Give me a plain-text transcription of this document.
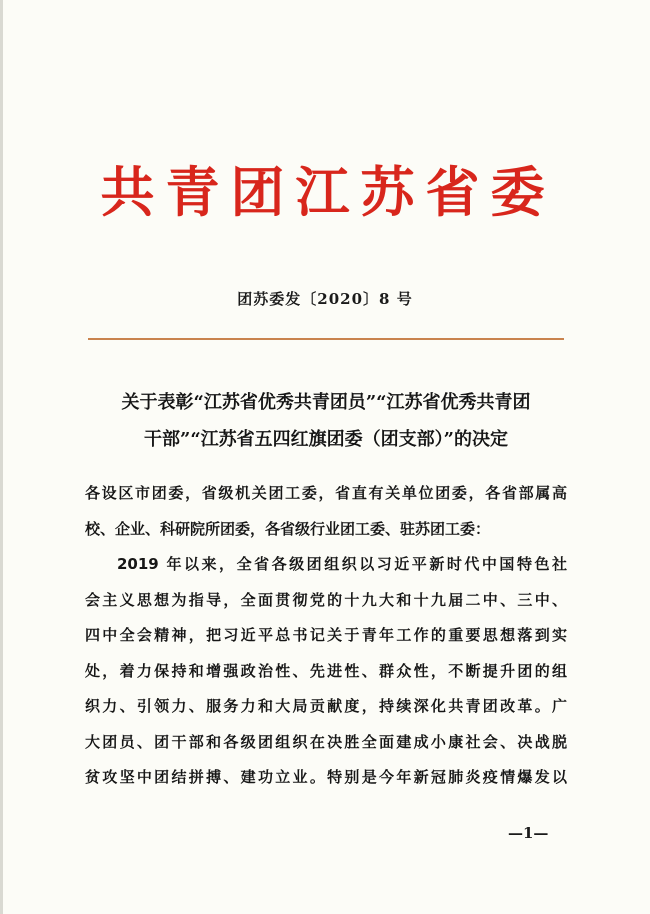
共青团江苏省委
团苏委发〔2020〕8 号
关于表彰“江苏省优秀共青团员”“江苏省优秀共青团
干部”“江苏省五四红旗团委（团支部）”的决定
各设区市团委，省级机关团工委，省直有关单位团委，各省部属高
校、企业、科研院所团委，各省级行业团工委、驻苏团工委：
2019 年以来，全省各级团组织以习近平新时代中国特色社
会主义思想为指导，全面贯彻党的十九大和十九届二中、三中、
四中全会精神，把习近平总书记关于青年工作的重要思想落到实
处，着力保持和增强政治性、先进性、群众性，不断提升团的组
织力、引领力、服务力和大局贡献度，持续深化共青团改革。广
大团员、团干部和各级团组织在决胜全面建成小康社会、决战脱
贫攻坚中团结拼搏、建功立业。特别是今年新冠肺炎疫情爆发以
—1—
